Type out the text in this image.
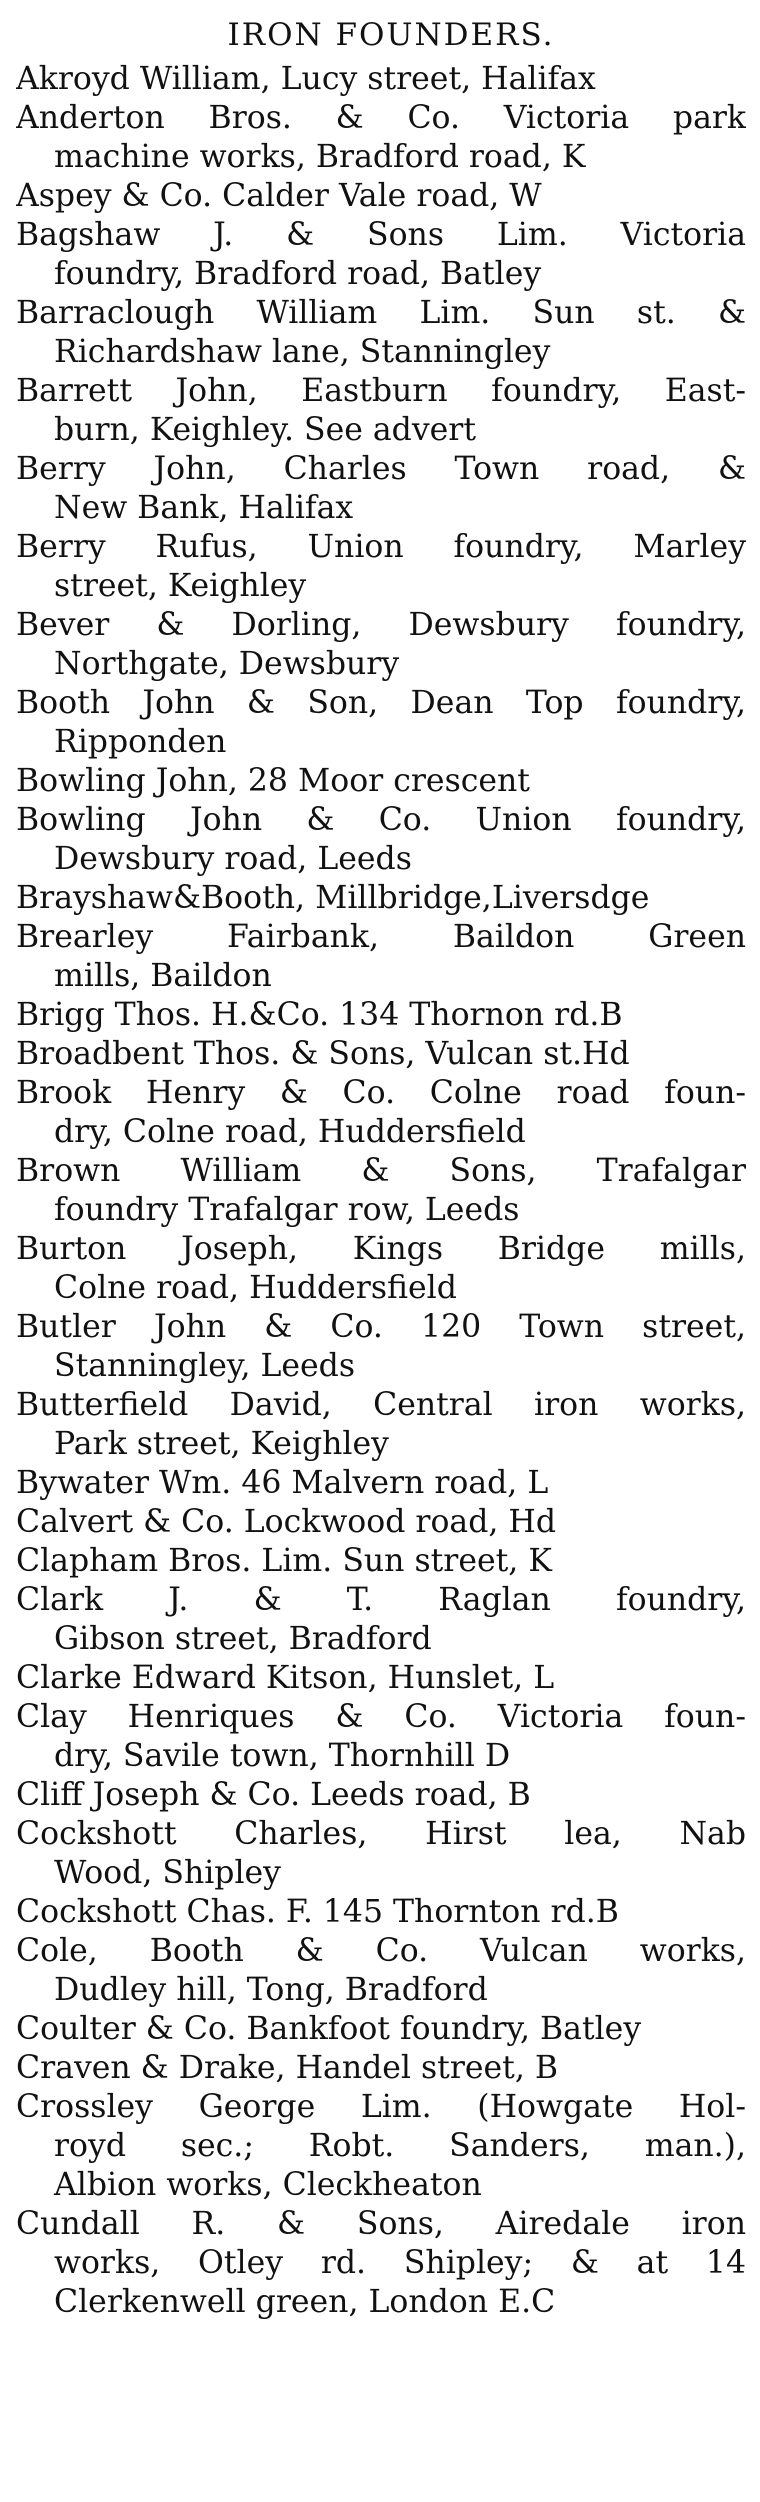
IRON FOUNDERS.
Akroyd William, Lucy street, Halifax
Anderton Bros. & Co. Victoria park
machine works, Bradford road, K
Aspey & Co. Calder Vale road, W
Bagshaw J. & Sons Lim. Victoria
foundry, Bradford road, Batley
Barraclough William Lim. Sun st. &
Richardshaw lane, Stanningley
Barrett John, Eastburn foundry, East-
burn, Keighley. See advert
Berry John, Charles Town road, &
New Bank, Halifax
Berry Rufus, Union foundry, Marley
street, Keighley
Bever & Dorling, Dewsbury foundry,
Northgate, Dewsbury
Booth John & Son, Dean Top foundry,
Ripponden
Bowling John, 28 Moor crescent
Bowling John & Co. Union foundry,
Dewsbury road, Leeds
Brayshaw&Booth, Millbridge,Liversdge
Brearley Fairbank, Baildon Green
mills, Baildon
Brigg Thos. H.&Co. 134 Thornon rd.B
Broadbent Thos. & Sons, Vulcan st.Hd
Brook Henry & Co. Colne road foun-
dry, Colne road, Huddersfield
Brown William & Sons, Trafalgar
foundry Trafalgar row, Leeds
Burton Joseph, Kings Bridge mills,
Colne road, Huddersfield
Butler John & Co. 120 Town street,
Stanningley, Leeds
Butterfield David, Central iron works,
Park street, Keighley
Bywater Wm. 46 Malvern road, L
Calvert & Co. Lockwood road, Hd
Clapham Bros. Lim. Sun street, K
Clark J. & T. Raglan foundry,
Gibson street, Bradford
Clarke Edward Kitson, Hunslet, L
Clay Henriques & Co. Victoria foun-
dry, Savile town, Thornhill D
Cliff Joseph & Co. Leeds road, B
Cockshott Charles, Hirst lea, Nab
Wood, Shipley
Cockshott Chas. F. 145 Thornton rd.B
Cole, Booth & Co. Vulcan works,
Dudley hill, Tong, Bradford
Coulter & Co. Bankfoot foundry, Batley
Craven & Drake, Handel street, B
Crossley George Lim. (Howgate Hol-
royd sec.; Robt. Sanders, man.),
Albion works, Cleckheaton
Cundall R. & Sons, Airedale iron
works, Otley rd. Shipley; & at 14
Clerkenwell green, London E.C
